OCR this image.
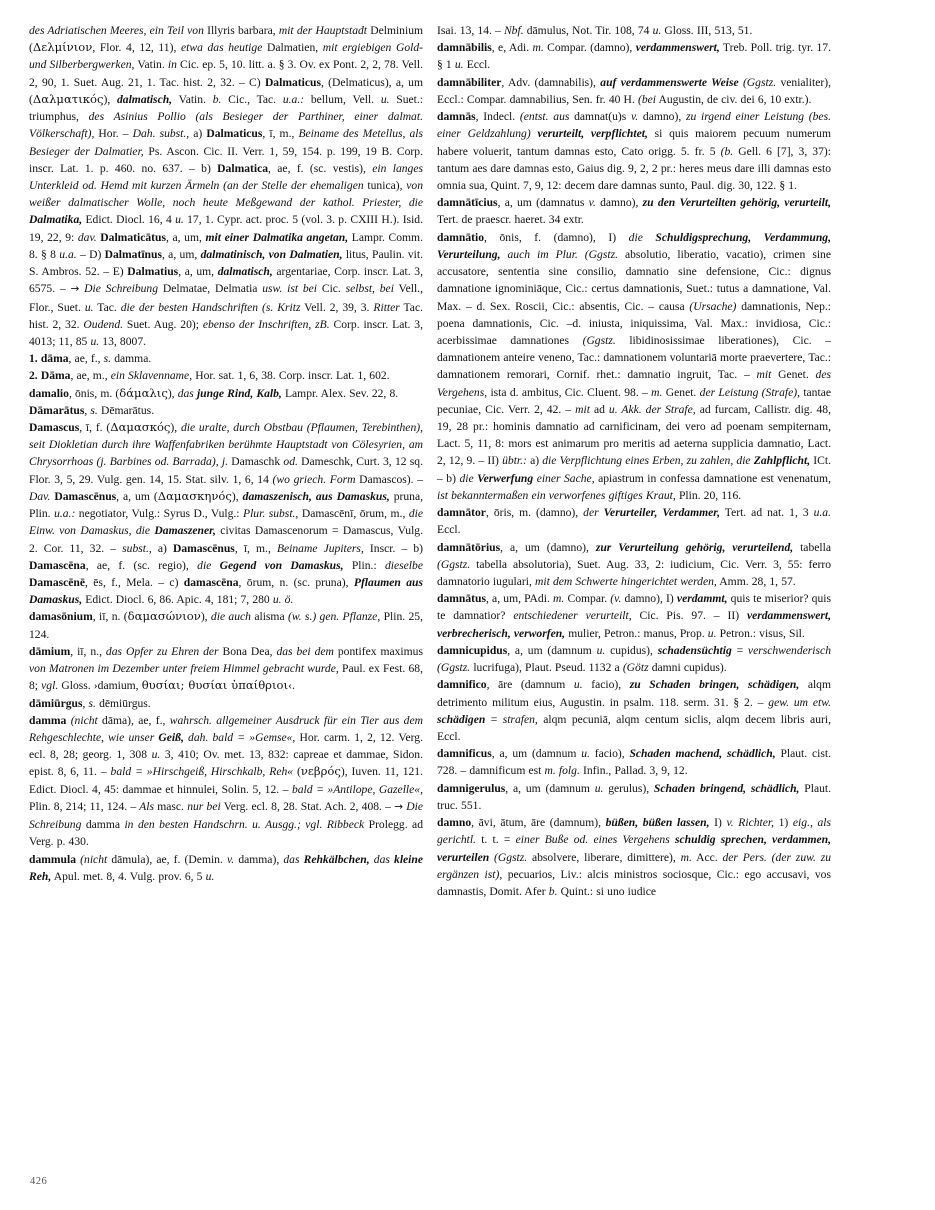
des Adriatischen Meeres, ein Teil von Illyris barbara, mit der Hauptstadt Delminium (Δελμίνιον, Flor. 4, 12, 11), etwa das heutige Dalmatien, mit ergiebigen Gold- und Silberbergwerken, Vatin. in Cic. ep. 5, 10. litt. a. § 3. Ov. ex Pont. 2, 2, 78. Vell. 2, 90, 1. Suet. Aug. 21, 1. Tac. hist. 2, 32. – C) Dalmaticus, (Delmaticus), a, um (Δαλματικός), dalmatisch, Vatin. b. Cic., Tac. u.a.: bellum, Vell. u. Suet.: triumphus, des Asinius Pollio (als Besieger der Parthiner, einer dalmat. Völkerschaft), Hor. – Dah. subst., a) Dalmaticus, ī, m., Beiname des Metellus, als Besieger der Dalmatier, Ps. Ascon. Cic. II. Verr. 1, 59, 154. p. 199, 19 B. Corp. inscr. Lat. 1. p. 460. no. 637. – b) Dalmatica, ae, f. (sc. vestis), ein langes Unterkleid od. Hemd mit kurzen Ärmeln (an der Stelle der ehemaligen tunica), von weißer dalmatischer Wolle, noch heute Meßgewand der kathol. Priester, die Dalmatika, Edict. Diocl. 16, 4 u. 17, 1. Cypr. act. proc. 5 (vol. 3. p. CXIII H.). Isid. 19, 22, 9: dav. Dalmaticātus, a, um, mit einer Dalmatika angetan, Lampr. Comm. 8. § 8 u.a. – D) Dalmatīnus, a, um, dalmatinisch, von Dalmatien, litus, Paulin. vit. S. Ambros. 52. – E) Dalmatius, a, um, dalmatisch, argentariae, Corp. inscr. Lat. 3, 6575. – → Die Schreibung Delmatae, Delmatia usw. ist bei Cic. selbst, bei Vell., Flor., Suet. u. Tac. die der besten Handschriften (s. Kritz Vell. 2, 39, 3. Ritter Tac. hist. 2, 32. Oudend. Suet. Aug. 20); ebenso der Inschriften, zB. Corp. inscr. Lat. 3, 4013; 11, 85 u. 13, 8007.

1. dāma, ae, f., s. damma.

2. Dāma, ae, m., ein Sklavenname, Hor. sat. 1, 6, 38. Corp. inscr. Lat. 1, 602.

damalio, ōnis, m. (δάμαλις), das junge Rind, Kalb, Lampr. Alex. Sev. 22, 8.

Dāmarātus, s. Dēmarātus.

Damascus, ī, f. (Δαμασκός), die uralte, durch Obstbau (Pflaumen, Terebinthen), seit Diokletian durch ihre Waffenfabriken berühmte Hauptstadt von Cölesyrien, am Chrysorrhoas (j. Barbines od. Barrada), j. Damaschk od. Dameschk, Curt. 3, 12 sq. Flor. 3, 5, 29. Vulg. gen. 14, 15. Stat. silv. 1, 6, 14 (wo griech. Form Damascos). – Dav. Damascēnus, a, um (Δαμασκηνός), damaszenisch, aus Damaskus, pruna, Plin. u.a.: negotiator, Vulg.: Syrus D., Vulg.: Plur. subst., Damascēnī, ōrum, m., die Einw. von Damaskus, die Damaszener, civitas Damascenorum = Damascus, Vulg. 2. Cor. 11, 32. – subst., a) Damascēnus, ī, m., Beiname Jupiters, Inscr. – b) Damascēna, ae, f. (sc. regio), die Gegend von Damaskus, Plin.: dieselbe Damascēnē, ēs, f., Mela. – c) damascēna, ōrum, n. (sc. pruna), Pflaumen aus Damaskus, Edict. Diocl. 6, 86. Apic. 4, 181; 7, 280 u. ö.

damasōnium, iī, n. (δαμασώνιον), die auch alisma (w. s.) gen. Pflanze, Plin. 25, 124.

dāmium, iī, n., das Opfer zu Ehren der Bona Dea, das bei dem pontifex maximus von Matronen im Dezember unter freiem Himmel gebracht wurde, Paul. ex Fest. 68, 8; vgl. Gloss. ›damium, θυσίαι; θυσίαι ὑπαίθριοι‹.

dāmiūrgus, s. dēmiūrgus.

damma (nicht dāma), ae, f., wahrsch. allgemeiner Ausdruck für ein Tier aus dem Rehgeschlechte, wie unser Geiß, dah. bald = »Gemse«, Hor. carm. 1, 2, 12. Verg. ecl. 8, 28; georg. 1, 308 u. 3, 410; Ov. met. 13, 832: capreae et dammae, Sidon. epist. 8, 6, 11. – bald = »Hirschgeiß, Hirschkalb, Reh« (νεβρός), Iuven. 11, 121. Edict. Diocl. 4, 45: dammae et hinnulei, Solin. 5, 12. – bald = »Antilope, Gazelle«, Plin. 8, 214; 11, 124. – Als masc. nur bei Verg. ecl. 8, 28. Stat. Ach. 2, 408. – → Die Schreibung damma in den besten Handschrn. u. Ausgg.; vgl. Ribbeck Prolegg. ad Verg. p. 430.

dammula (nicht dāmula), ae, f. (Demin. v. damma), das Rehkälbchen, das kleine Reh, Apul. met. 8, 4. Vulg. prov. 6, 5 u.

Isai. 13, 14. – Nbf. dāmulus, Not. Tir. 108, 74 u. Gloss. III, 513, 51.

damnābilis, e, Adi. m. Compar. (damno), verdammenswert, Treb. Poll. trig. tyr. 17. § 1 u. Eccl.

damnābiliter, Adv. (damnabilis), auf verdammenswerte Weise (Ggstz. venialiter), Eccl.: Compar. damnabilius, Sen. fr. 40 H. (bei Augustin, de civ. dei 6, 10 extr.).

damnās, Indecl. (entst. aus damnat(u)s v. damno), zu irgend einer Leistung (bes. einer Geldzahlung) verurteilt, verpflichtet, si quis maiorem pecuum numerum habere voluerit, tantum damnas esto, Cato origg. 5. fr. 5 (b. Gell. 6 [7], 3, 37): tantum aes dare damnas esto, Gaius dig. 9, 2, 2 pr.: heres meus dare illi damnas esto omnia sua, Quint. 7, 9, 12: decem dare damnas sunto, Paul. dig. 30, 122. § 1.

damnātīcius, a, um (damnatus v. damno), zu den Verurteilten gehörig, verurteilt, Tert. de praescr. haeret. 34 extr.

damnātio, ōnis, f. (damno), I) die Schuldigsprechung, Verdammung, Verurteilung, auch im Plur. (Ggstz. absolutio, liberatio, vacatio), crimen sine accusatore, sententia sine consilio, damnatio sine defensione, Cic.: dignus damnatione ignominiāque, Cic.: certus damnationis, Suet.: tutus a damnatione, Val. Max. – d. Sex. Roscii, Cic.: absentis, Cic. – causa (Ursache) damnationis, Nep.: poena damnationis, Cic. –d. iniusta, iniquissima, Val. Max.: invidiosa, Cic.: acerbissimae damnationes (Ggstz. libidinosissimae liberationes), Cic. – damnationem anteire veneno, Tac.: damnationem voluntariā morte praevertere, Tac.: damnationem remorari, Cornif. rhet.: damnatio ingruit, Tac. – mit Genet. des Vergehens, ista d. ambitus, Cic. Cluent. 98. – m. Genet. der Leistung (Strafe), tantae pecuniae, Cic. Verr. 2, 42. – mit ad u. Akk. der Strafe, ad furcam, Callistr. dig. 48, 19, 28 pr.: hominis damnatio ad carnificinam, dei vero ad poenam sempiternam, Lact. 5, 11, 8: mors est animarum pro meritis ad aeterna supplicia damnatio, Lact. 2, 12, 9. – II) übtr.: a) die Verpflichtung eines Erben, zu zahlen, die Zahlpflicht, ICt. – b) die Verwerfung einer Sache, apiastrum in confessa damnatione est venenatum, ist bekanntermaßen ein verworfenes giftiges Kraut, Plin. 20, 116.

damnātor, ōris, m. (damno), der Verurteiler, Verdammer, Tert. ad nat. 1, 3 u.a. Eccl.

damnātōrius, a, um (damno), zur Verurteilung gehörig, verurteilend, tabella (Ggstz. tabella absolutoria), Suet. Aug. 33, 2: iudicium, Cic. Verr. 3, 55: ferro damnatorio iugulari, mit dem Schwerte hingerichtet werden, Amm. 28, 1, 57.

damnātus, a, um, PAdi. m. Compar. (v. damno), I) verdammt, quis te miserior? quis te damnatior? entschiedener verurteilt, Cic. Pis. 97. – II) verdammenswert, verbrecherisch, verworfen, mulier, Petron.: manus, Prop. u. Petron.: visus, Sil.

damnicupidus, a, um (damnum u. cupidus), schadensüchtig = verschwenderisch (Ggstz. lucrifuga), Plaut. Pseud. 1132 a (Götz damni cupidus).

damnifico, āre (damnum u. facio), zu Schaden bringen, schädigen, alqm detrimento militum eius, Augustin. in psalm. 118. serm. 31. § 2. – gew. um etw. schädigen = strafen, alqm pecuniā, alqm centum siclis, alqm decem libris auri, Eccl.

damnificus, a, um (damnum u. facio), Schaden machend, schädlich, Plaut. cist. 728. – damnificum est m. folg. Infin., Pallad. 3, 9, 12.

damnigerulus, a, um (damnum u. gerulus), Schaden bringend, schädlich, Plaut. truc. 551.

damno, āvi, ātum, āre (damnum), büßen, büßen lassen, I) v. Richter, 1) eig., als gerichtl. t. t. = einer Buße od. eines Vergehens schuldig sprechen, verdammen, verurteilen (Ggstz. absolvere, liberare, dimittere), m. Acc. der Pers. (der zuw. zu ergänzen ist), pecuarios, Liv.: alcis ministros sociosque, Cic.: ego accusavi, vos damnastis, Domit. Afer b. Quint.: si uno iudice

426
